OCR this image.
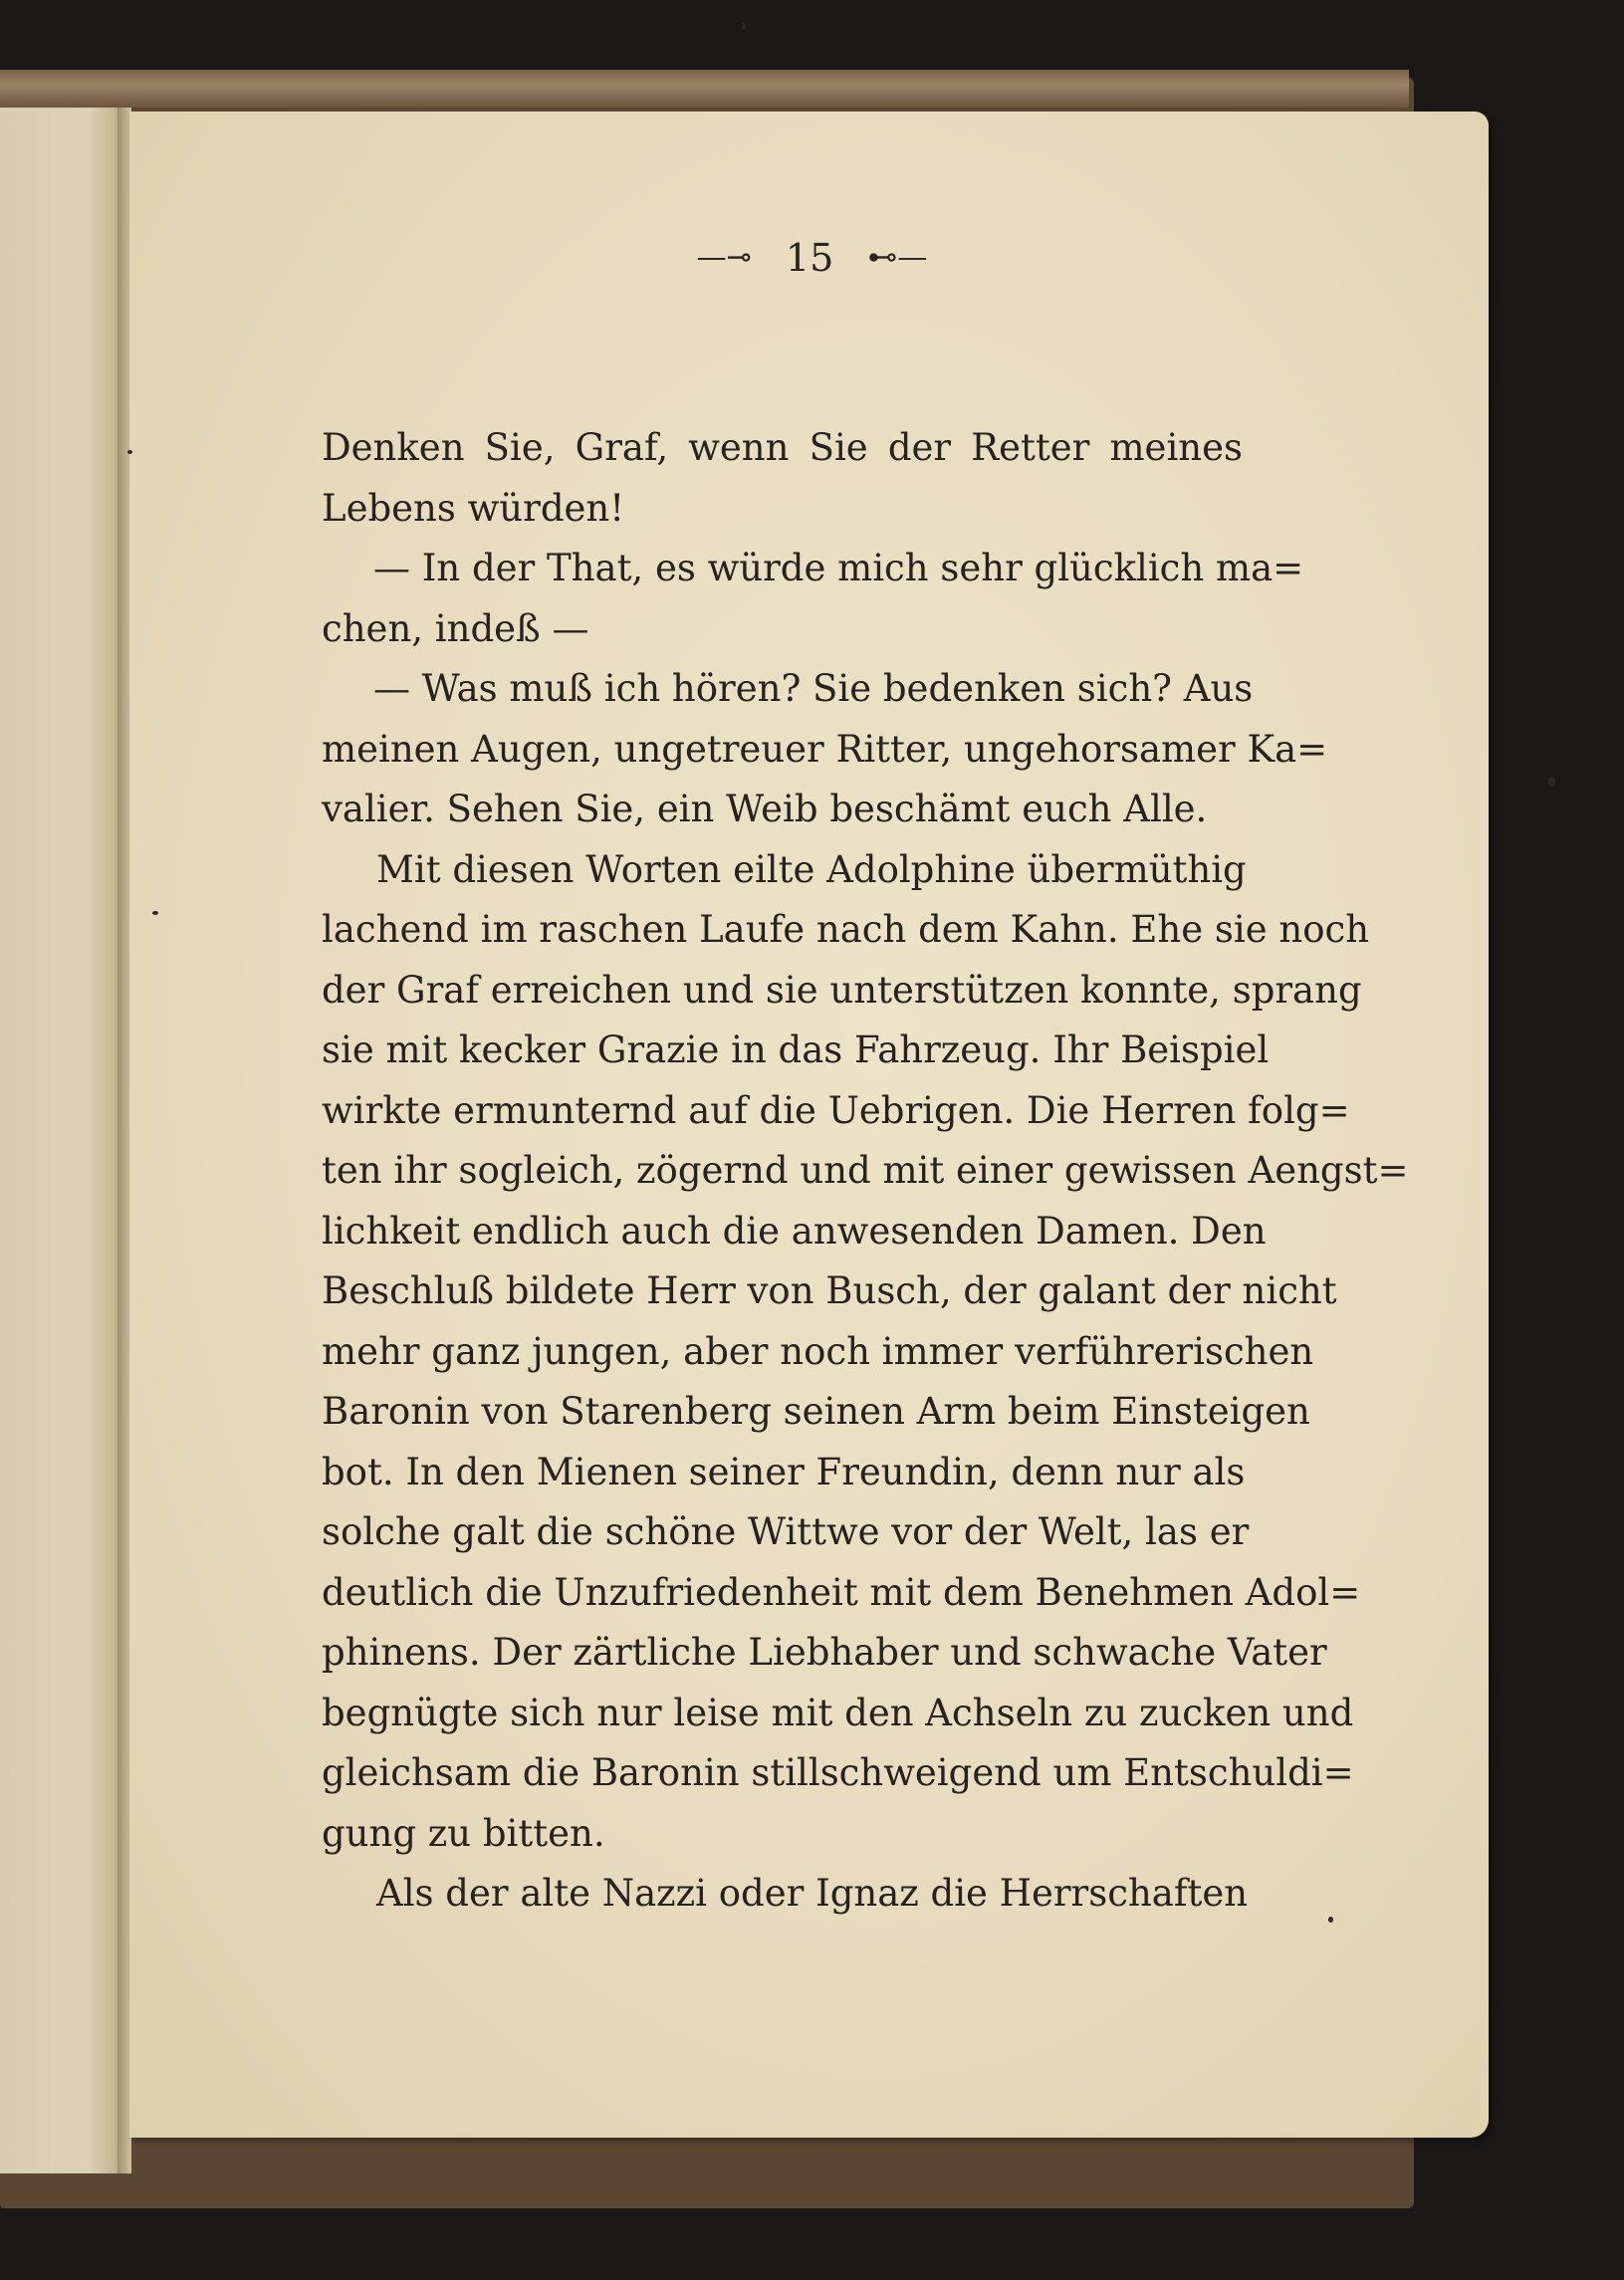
—⊸ 15 ⊷—
Denken Sie, Graf, wenn Sie der Retter meines
Lebens würden!
— In der That, es würde mich sehr glücklich ma=
chen, indeß —
— Was muß ich hören? Sie bedenken sich? Aus
meinen Augen, ungetreuer Ritter, ungehorsamer Ka=
valier. Sehen Sie, ein Weib beschämt euch Alle.
Mit diesen Worten eilte Adolphine übermüthig
lachend im raschen Laufe nach dem Kahn. Ehe sie noch
der Graf erreichen und sie unterstützen konnte, sprang
sie mit kecker Grazie in das Fahrzeug. Ihr Beispiel
wirkte ermunternd auf die Uebrigen. Die Herren folg=
ten ihr sogleich, zögernd und mit einer gewissen Aengst=
lichkeit endlich auch die anwesenden Damen. Den
Beschluß bildete Herr von Busch, der galant der nicht
mehr ganz jungen, aber noch immer verführerischen
Baronin von Starenberg seinen Arm beim Einsteigen
bot. In den Mienen seiner Freundin, denn nur als
solche galt die schöne Wittwe vor der Welt, las er
deutlich die Unzufriedenheit mit dem Benehmen Adol=
phinens. Der zärtliche Liebhaber und schwache Vater
begnügte sich nur leise mit den Achseln zu zucken und
gleichsam die Baronin stillschweigend um Entschuldi=
gung zu bitten.
Als der alte Nazzi oder Ignaz die Herrschaften
